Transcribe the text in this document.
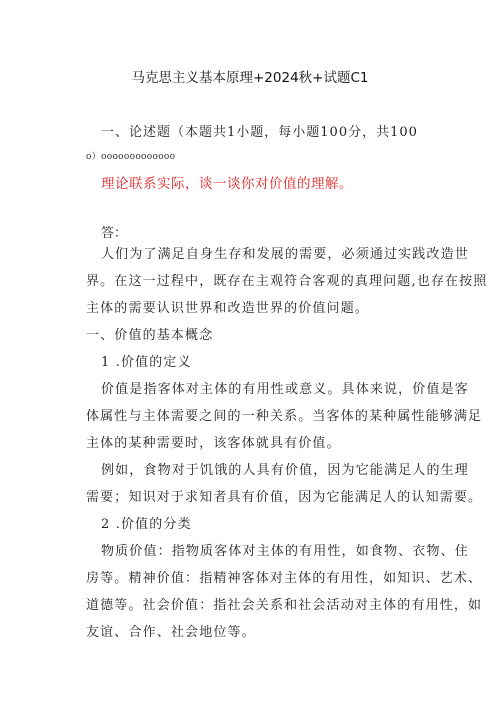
马克思主义基本原理+2024秋+试题C1
一、论述题（本题共1小题，每小题100分，共100
o）ooooooooooooo
理论联系实际，谈一谈你对价值的理解。
答：
人们为了满足自身生存和发展的需要，必须通过实践改造世
界。在这一过程中，既存在主观符合客观的真理问题,也存在按照
主体的需要认识世界和改造世界的价值问题。
一、价值的基本概念
1 .价值的定义
价值是指客体对主体的有用性或意义。具体来说，价值是客
体属性与主体需要之间的一种关系。当客体的某种属性能够满足
主体的某种需要时，该客体就具有价值。
例如，食物对于饥饿的人具有价值，因为它能满足人的生理
需要；知识对于求知者具有价值，因为它能满足人的认知需要。
2 .价值的分类
物质价值：指物质客体对主体的有用性，如食物、衣物、住
房等。精神价值：指精神客体对主体的有用性，如知识、艺术、
道德等。社会价值：指社会关系和社会活动对主体的有用性，如
友谊、合作、社会地位等。
